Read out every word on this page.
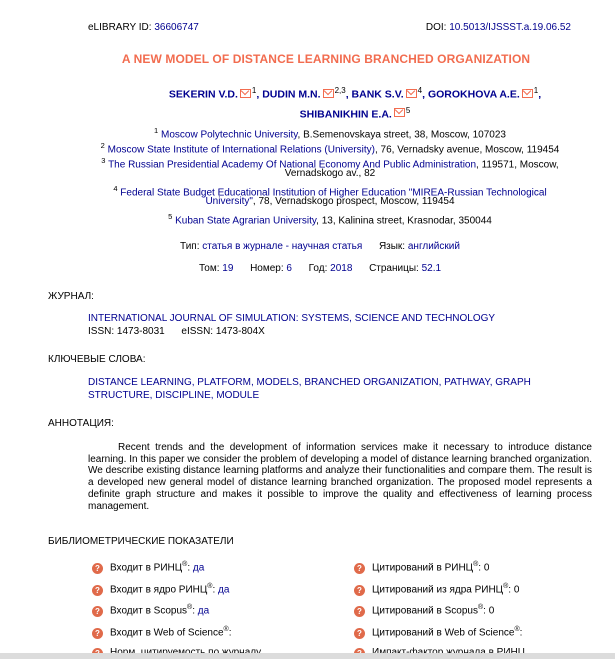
eLIBRARY ID: 36606747	DOI: 10.5013/IJSSST.a.19.06.52
A NEW MODEL OF DISTANCE LEARNING BRANCHED ORGANIZATION
SEKERIN V.D. $^1$, DUDIN M.N. $^{2,3}$, BANK S.V. $^4$, GOROKHOVA A.E. $^1$,
SHIBANIKHIN E.A. $^5$
$^1$ Moscow Polytechnic University, B.Semenovskaya street, 38, Moscow, 107023
$^2$ Moscow State Institute of International Relations (University), 76, Vernadsky avenue, Moscow, 119454
$^3$ The Russian Presidential Academy Of National Economy And Public Administration, 119571, Moscow,
Vernadskogo av., 82
$^4$ Federal State Budget Educational Institution of Higher Education "MIREA-Russian Technological
University", 78, Vernadskogo prospect, Moscow, 119454
$^5$ Kuban State Agrarian University, 13, Kalinina street, Krasnodar, 350044
Тип: статья в журнале - научная статья Язык: английский
Том: 19 Номер: 6 Год: 2018 Страницы: 52.1
ЖУРНАЛ:
INTERNATIONAL JOURNAL OF SIMULATION: SYSTEMS, SCIENCE AND TECHNOLOGY
ISSN: 1473-8031 eISSN: 1473-804X
КЛЮЧЕВЫЕ СЛОВА:
DISTANCE LEARNING, PLATFORM, MODELS, BRANCHED ORGANIZATION, PATHWAY, GRAPH
STRUCTURE, DISCIPLINE, MODULE
АННОТАЦИЯ:
Recent trends and the development of information services make it necessary to introduce distance learning. In this paper we consider the problem of developing a model of distance learning branched organization. We describe existing distance learning platforms and analyze their functionalities and compare them. The result is a developed new general model of distance learning branched organization. The proposed model represents a definite graph structure and makes it possible to improve the quality and effectiveness of learning process management.
БИБЛИОМЕТРИЧЕСКИЕ ПОКАЗАТЕЛИ
? Входит в РИНЦ®: да
? Входит в ядро РИНЦ®: да
? Входит в Scopus®: да
? Входит в Web of Science®:
? Цитирований в РИНЦ®: 0
? Цитирований из ядра РИНЦ®: 0
? Цитирований в Scopus®: 0
? Цитирований в Web of Science®:
